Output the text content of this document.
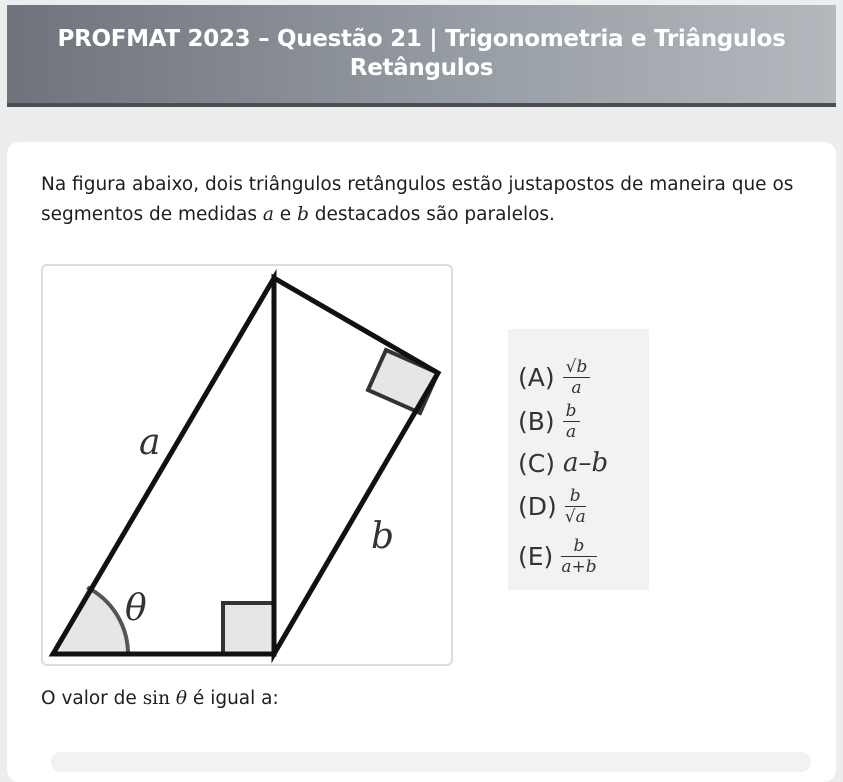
PROFMAT 2023 – Questão 21 | Trigonometria e Triângulos Retângulos

Na figura abaixo, dois triângulos retângulos estão justapostos de maneira que os segmentos de medidas a e b destacados são paralelos.

a
b
θ
$(A) \frac{√b}{a}$
$(B) \frac{b}{a}$
(C) a–b
$(D) \frac{b}{√a}$
$(E) \frac{b}{a+b}$

O valor de sin θ é igual a:
